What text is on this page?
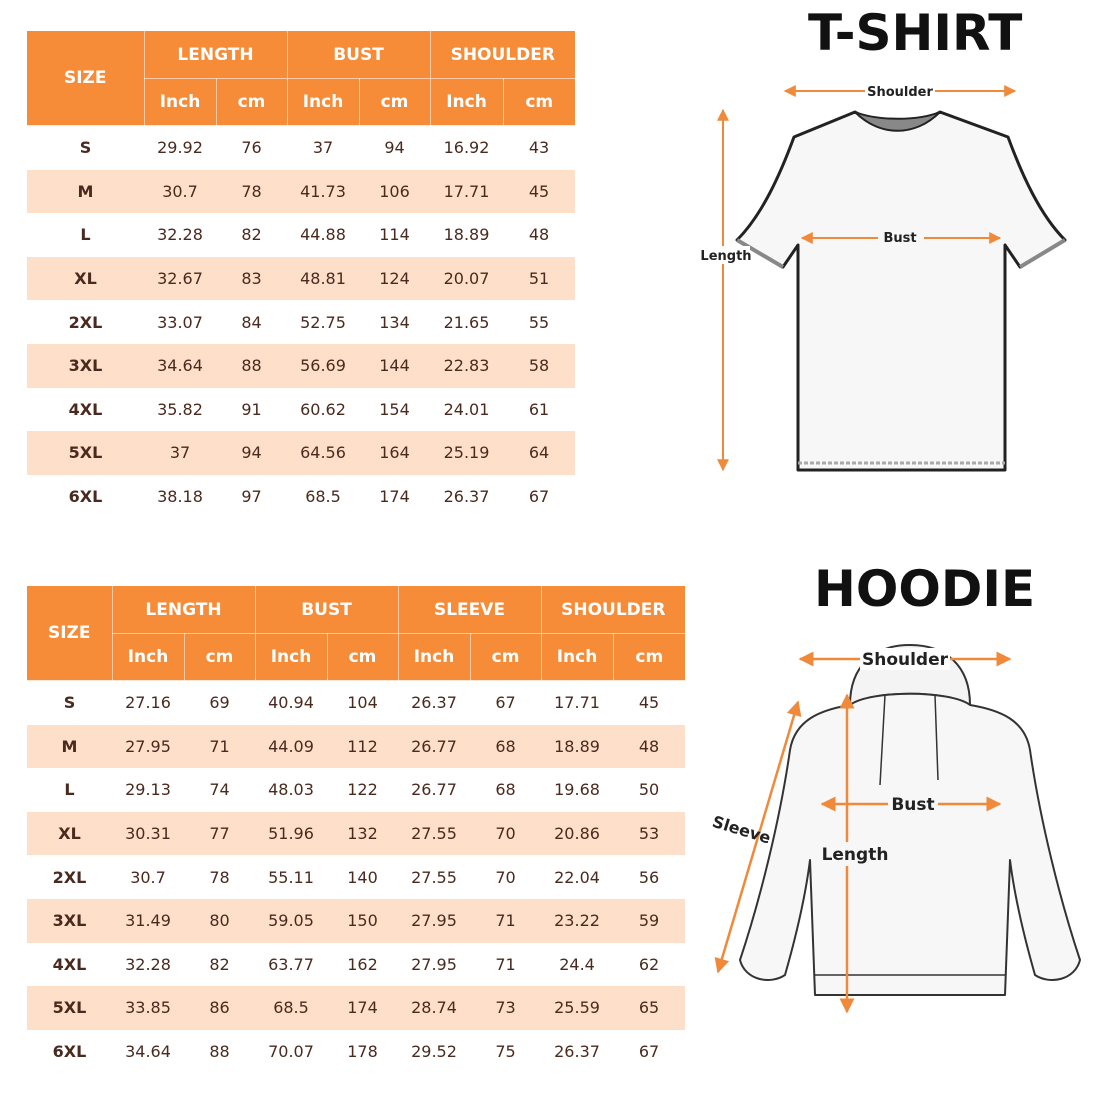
SIZE	LENGTH		BUST		SHOULDER	
	Inch	cm	Inch	cm	Inch	cm
S	29.92	76	37	94	16.92	43
M	30.7	78	41.73	106	17.71	45
L	32.28	82	44.88	114	18.89	48
XL	32.67	83	48.81	124	20.07	51
2XL	33.07	84	52.75	134	21.65	55
3XL	34.64	88	56.69	144	22.83	58
4XL	35.82	91	60.62	154	24.01	61
5XL	37	94	64.56	164	25.19	64
6XL	38.18	97	68.5	174	26.37	67
SIZE	LENGTH		BUST		SLEEVE		SHOULDER	
	Inch	cm	Inch	cm	Inch	cm	Inch	cm
S	27.16	69	40.94	104	26.37	67	17.71	45
M	27.95	71	44.09	112	26.77	68	18.89	48
L	29.13	74	48.03	122	26.77	68	19.68	50
XL	30.31	77	51.96	132	27.55	70	20.86	53
2XL	30.7	78	55.11	140	27.55	70	22.04	56
3XL	31.49	80	59.05	150	27.95	71	23.22	59
4XL	32.28	82	63.77	162	27.95	71	24.4	62
5XL	33.85	86	68.5	174	28.74	73	25.59	65
6XL	34.64	88	70.07	178	29.52	75	26.37	67
T-SHIRT
HOODIE
Shoulder
Bust
Length
Shoulder
Bust
Length
Sleeve
